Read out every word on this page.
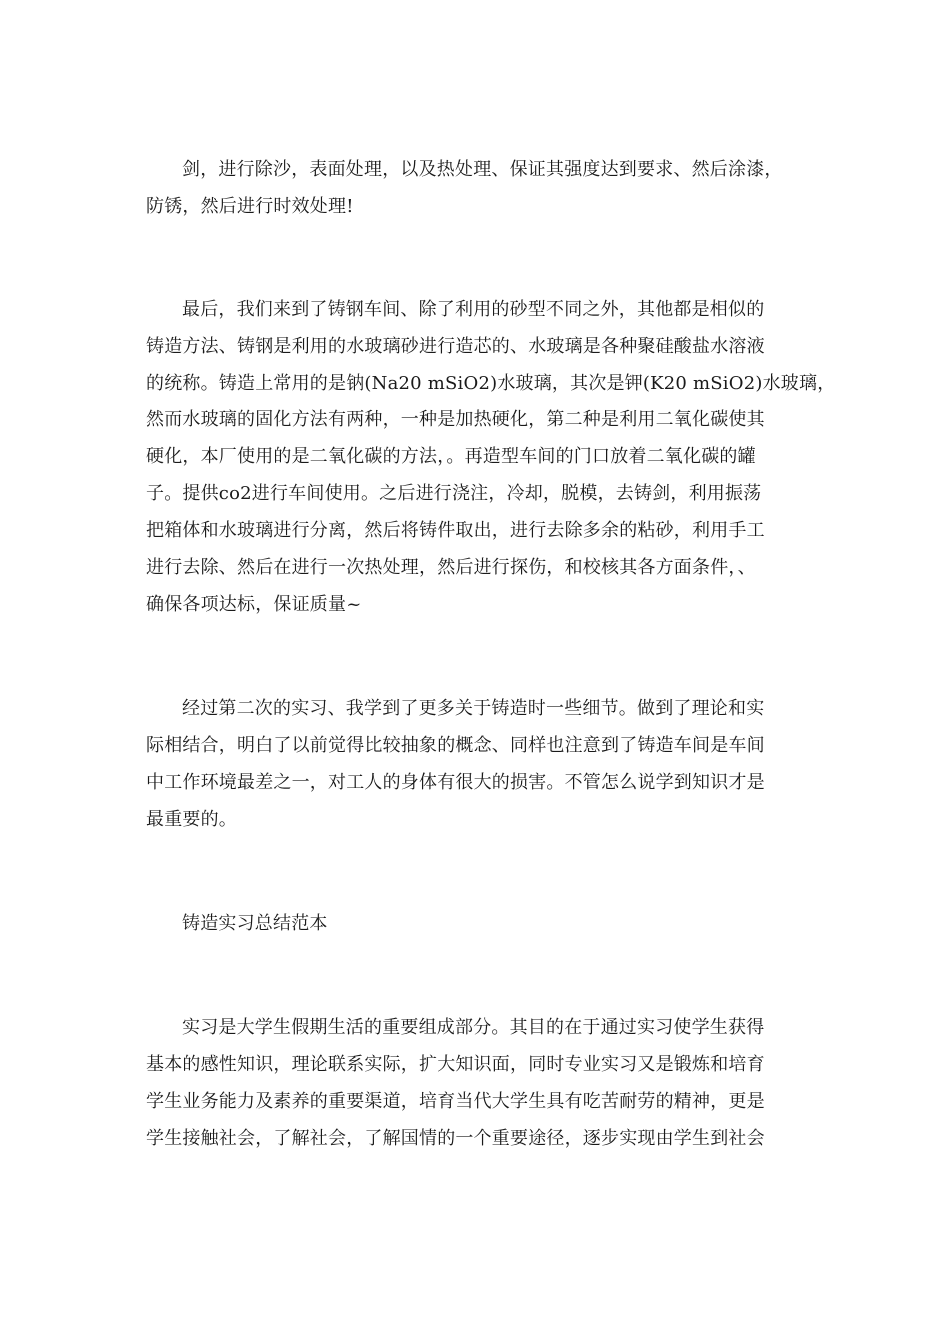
剑，进行除沙，表面处理，以及热处理、保证其强度达到要求、然后涂漆，
防锈，然后进行时效处理!
最后，我们来到了铸钢车间、除了利用的砂型不同之外，其他都是相似的
铸造方法、铸钢是利用的水玻璃砂进行造芯的、水玻璃是各种聚硅酸盐水溶液
的统称。铸造上常用的是钠(Na20 mSiO2)水玻璃，其次是钾(K20 mSiO2)水玻璃，
然而水玻璃的固化方法有两种，一种是加热硬化，第二种是利用二氧化碳使其
硬化，本厂使用的是二氧化碳的方法，。再造型车间的门口放着二氧化碳的罐
子。提供co2进行车间使用。之后进行浇注，冷却，脱模，去铸剑，利用振荡
把箱体和水玻璃进行分离，然后将铸件取出，进行去除多余的粘砂，利用手工
进行去除、然后在进行一次热处理，然后进行探伤，和校核其各方面条件，、
确保各项达标，保证质量~
经过第二次的实习、我学到了更多关于铸造时一些细节。做到了理论和实
际相结合，明白了以前觉得比较抽象的概念、同样也注意到了铸造车间是车间
中工作环境最差之一，对工人的身体有很大的损害。不管怎么说学到知识才是
最重要的。
铸造实习总结范本
实习是大学生假期生活的重要组成部分。其目的在于通过实习使学生获得
基本的感性知识，理论联系实际，扩大知识面，同时专业实习又是锻炼和培育
学生业务能力及素养的重要渠道，培育当代大学生具有吃苦耐劳的精神，更是
学生接触社会，了解社会，了解国情的一个重要途径，逐步实现由学生到社会
